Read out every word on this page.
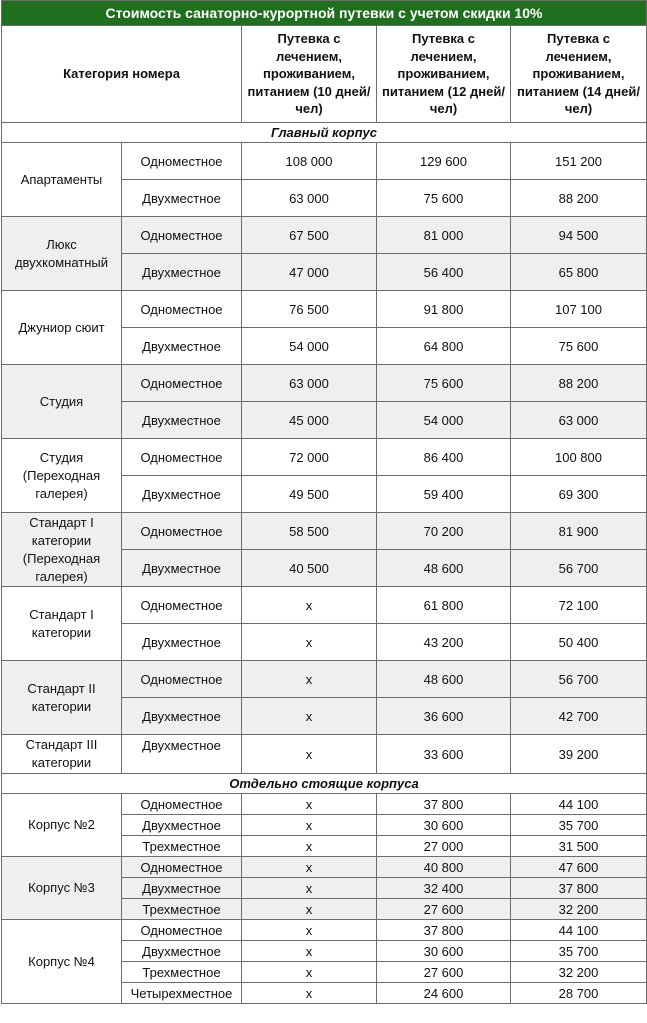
Стоимость санаторно-курортной путевки с учетом скидки 10%				
Категория номера		Путевка с лечением, проживанием, питанием (10 дней/чел)	Путевка с лечением, проживанием, питанием (12 дней/чел)	Путевка с лечением, проживанием, питанием (14 дней/чел)
Главный корпус				
Апартаменты	Одноместное	108 000	129 600	151 200
	Двухместное	63 000	75 600	88 200
Люкс двухкомнатный	Одноместное	67 500	81 000	94 500
	Двухместное	47 000	56 400	65 800
Джуниор сюит	Одноместное	76 500	91 800	107 100
	Двухместное	54 000	64 800	75 600
Студия	Одноместное	63 000	75 600	88 200
	Двухместное	45 000	54 000	63 000
Студия (Переходная галерея)	Одноместное	72 000	86 400	100 800
	Двухместное	49 500	59 400	69 300
Стандарт I категории (Переходная галерея)	Одноместное	58 500	70 200	81 900
	Двухместное	40 500	48 600	56 700
Стандарт I категории	Одноместное	x	61 800	72 100
	Двухместное	x	43 200	50 400
Стандарт II категории	Одноместное	x	48 600	56 700
	Двухместное	x	36 600	42 700
Стандарт III категории	Двухместное	x	33 600	39 200
Отдельно стоящие корпуса				
Корпус №2	Одноместное	x	37 800	44 100
	Двухместное	x	30 600	35 700
	Трехместное	x	27 000	31 500
Корпус №3	Одноместное	x	40 800	47 600
	Двухместное	x	32 400	37 800
	Трехместное	x	27 600	32 200
Корпус №4	Одноместное	x	37 800	44 100
	Двухместное	x	30 600	35 700
	Трехместное	x	27 600	32 200
	Четырехместное	x	24 600	28 700
